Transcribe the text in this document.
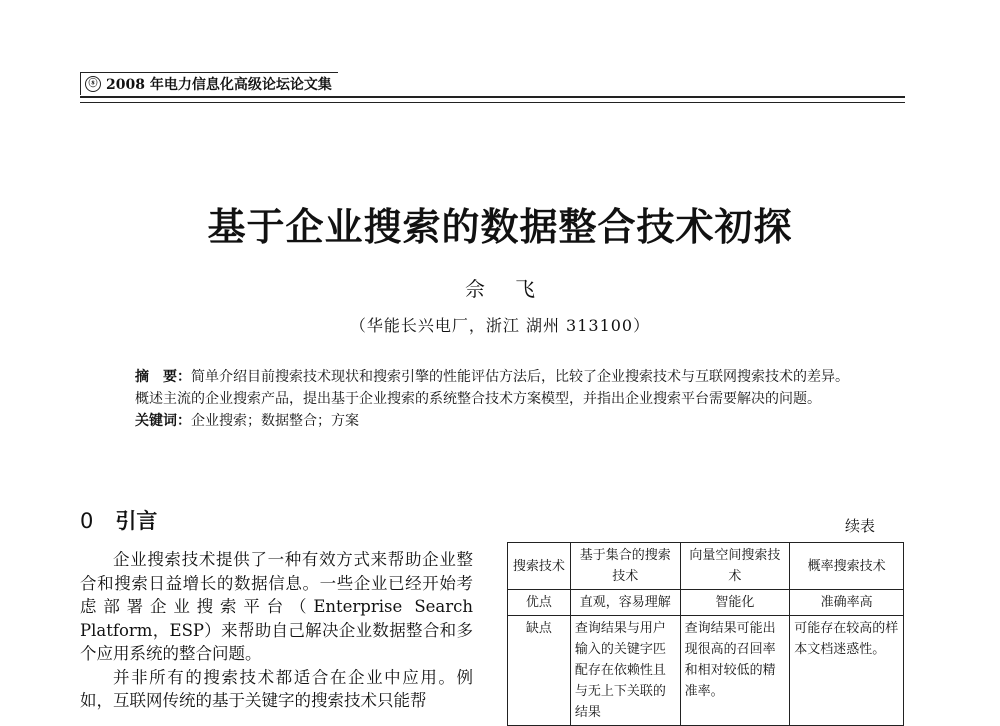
ⓢ 2008 年电力信息化高级论坛论文集
基于企业搜索的数据整合技术初探
佘飞
（华能长兴电厂，浙江 湖州 313100）

摘　要：简单介绍目前搜索技术现状和搜索引擎的性能评估方法后，比较了企业搜索技术与互联网搜索技术的差异。概述主流的企业搜索产品，提出基于企业搜索的系统整合技术方案模型，并指出企业搜索平台需要解决的问题。

关键词：企业搜索；数据整合；方案

0 引言

企业搜索技术提供了一种有效方式来帮助企业整合和搜索日益增长的数据信息。一些企业已经开始考虑部署企业搜索平台（Enterprise Search Platform，ESP）来帮助自己解决企业数据整合和多个应用系统的整合问题。

并非所有的搜索技术都适合在企业中应用。例如，互联网传统的基于关键字的搜索技术只能帮

续表
搜索技术	基于集合的搜索技术	向量空间搜索技术	概率搜索技术
优点	直观，容易理解	智能化	准确率高
缺点	查询结果与用户输入的关键字匹配存在依赖性且与无上下关联的结果	查询结果可能出现很高的召回率和相对较低的精准率。	可能存在较高的样本文档迷惑性。
